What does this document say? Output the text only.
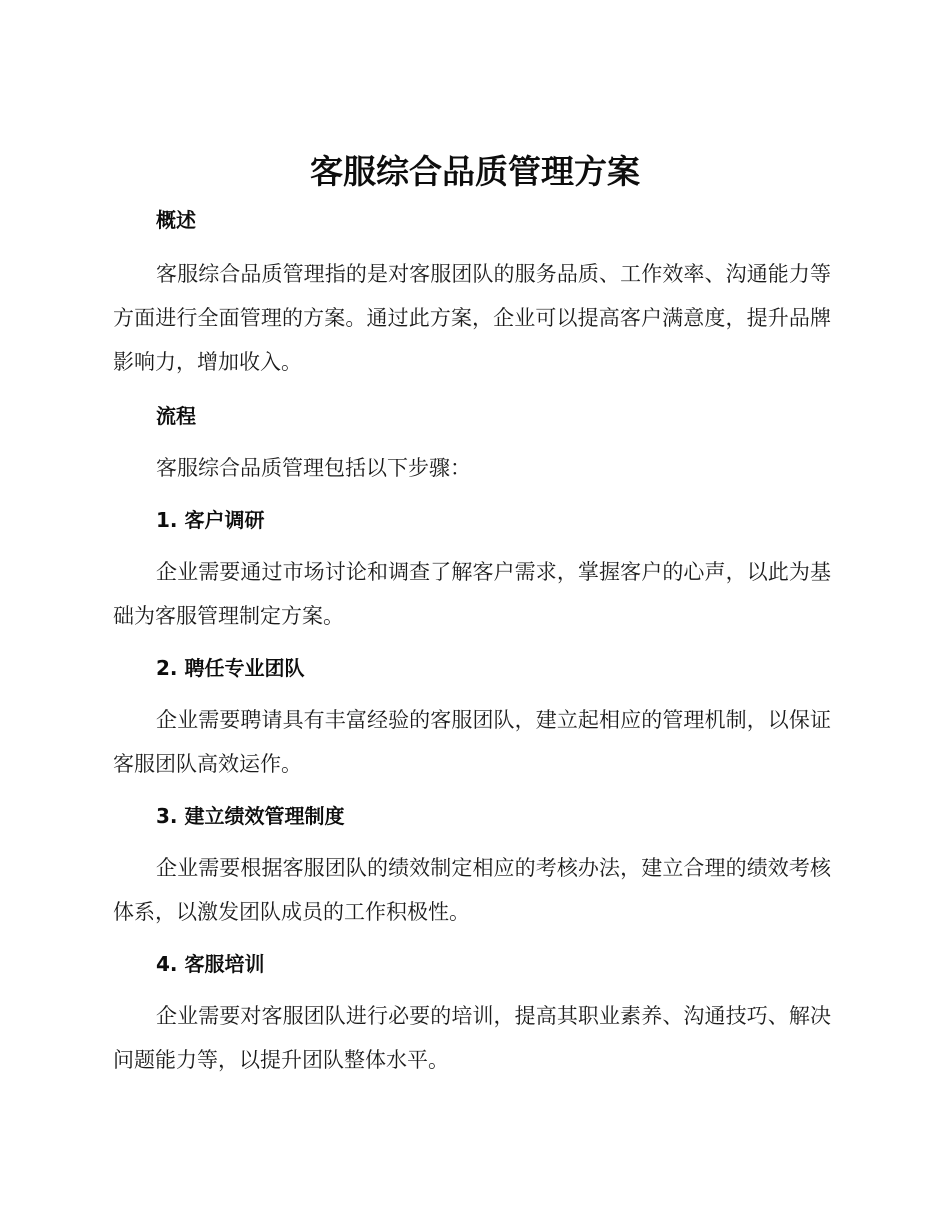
客服综合品质管理方案
概述

客服综合品质管理指的是对客服团队的服务品质、工作效率、沟通能力等方面进行全面管理的方案。通过此方案，企业可以提高客户满意度，提升品牌影响力，增加收入。

流程

客服综合品质管理包括以下步骤：

1. 客户调研

企业需要通过市场讨论和调查了解客户需求，掌握客户的心声，以此为基础为客服管理制定方案。

2. 聘任专业团队

企业需要聘请具有丰富经验的客服团队，建立起相应的管理机制，以保证客服团队高效运作。

3. 建立绩效管理制度

企业需要根据客服团队的绩效制定相应的考核办法，建立合理的绩效考核体系，以激发团队成员的工作积极性。

4. 客服培训

企业需要对客服团队进行必要的培训，提高其职业素养、沟通技巧、解决问题能力等，以提升团队整体水平。
